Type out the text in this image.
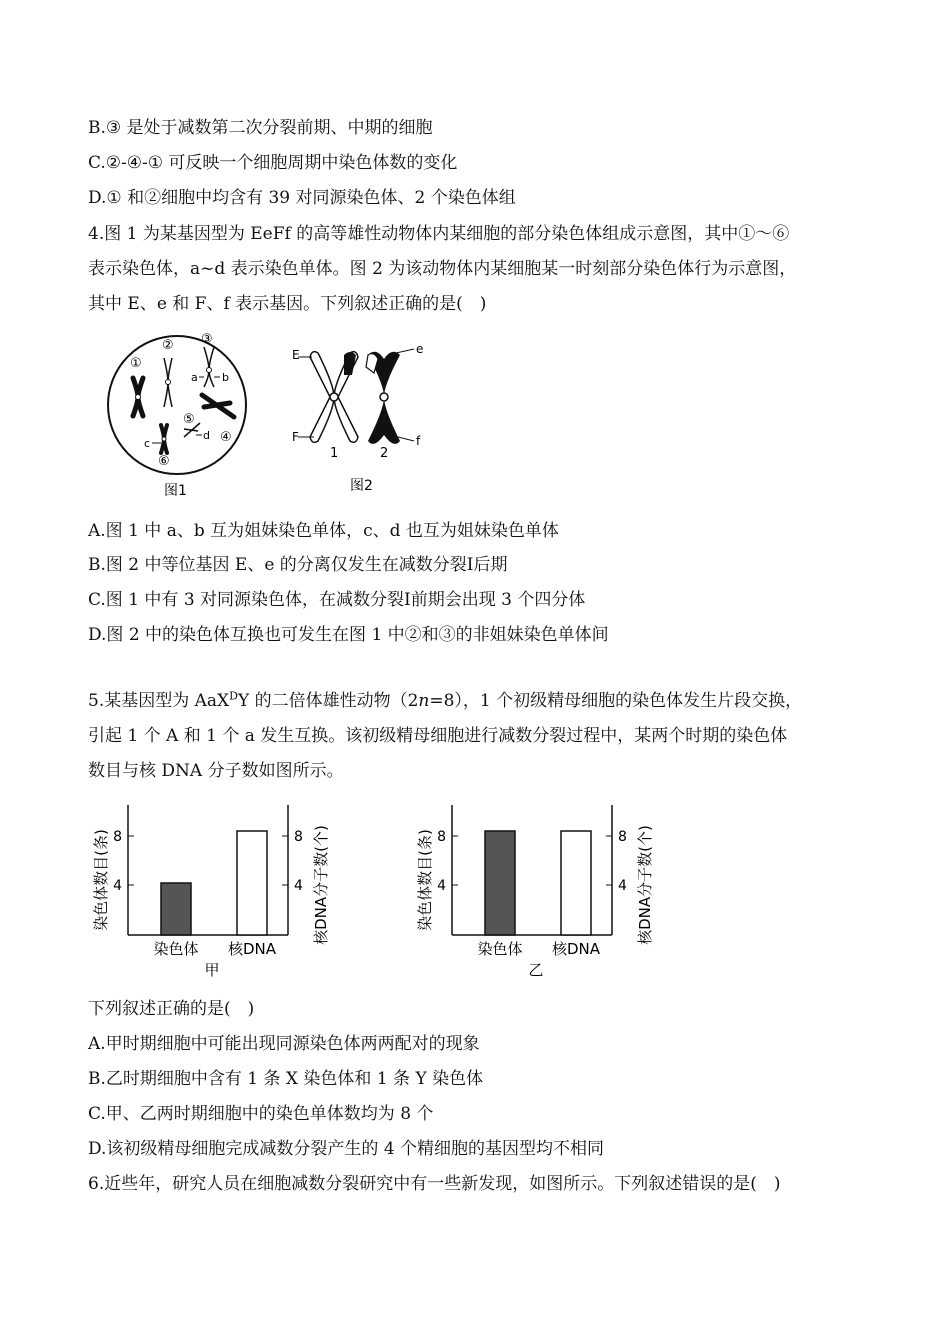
B.③ 是处于减数第二次分裂前期、中期的细胞
C.②-④-① 可反映一个细胞周期中染色体数的变化
D.① 和②细胞中均含有 39 对同源染色体、2 个染色体组
4.图 1 为某基因型为 EeFf 的高等雄性动物体内某细胞的部分染色体组成示意图，其中①～⑥
表示染色体，a~d 表示染色单体。图 2 为该动物体内某细胞某一时刻部分染色体行为示意图，
其中 E、e 和 F、f 表示基因。下列叙述正确的是(　)
①
② ③
④
⑤
⑥
a b
c
d
图1
E	e
F	f
1	2
图2
A.图 1 中 a、b 互为姐妹染色单体，c、d 也互为姐妹染色单体
B.图 2 中等位基因 E、e 的分离仅发生在减数分裂Ⅰ后期
C.图 1 中有 3 对同源染色体，在减数分裂Ⅰ前期会出现 3 个四分体
D.图 2 中的染色体互换也可发生在图 1 中②和③的非姐妹染色单体间
5.某基因型为 AaX$^D$Y 的二倍体雄性动物（2n=8），1 个初级精母细胞的染色体发生片段交换，
引起 1 个 A 和 1 个 a 发生互换。该初级精母细胞进行减数分裂过程中，某两个时期的染色体
数目与核 DNA 分子数如图所示。
染色体数目(条)	核DNA分子数(个)
8
4
8
4
染色体 核DNA
甲
染色体数目(条)	核DNA分子数(个)
8
4
8
4
染色体 核DNA
乙
下列叙述正确的是(　)
A.甲时期细胞中可能出现同源染色体两两配对的现象
B.乙时期细胞中含有 1 条 X 染色体和 1 条 Y 染色体
C.甲、乙两时期细胞中的染色单体数均为 8 个
D.该初级精母细胞完成减数分裂产生的 4 个精细胞的基因型均不相同
6.近些年，研究人员在细胞减数分裂研究中有一些新发现，如图所示。下列叙述错误的是(　)
